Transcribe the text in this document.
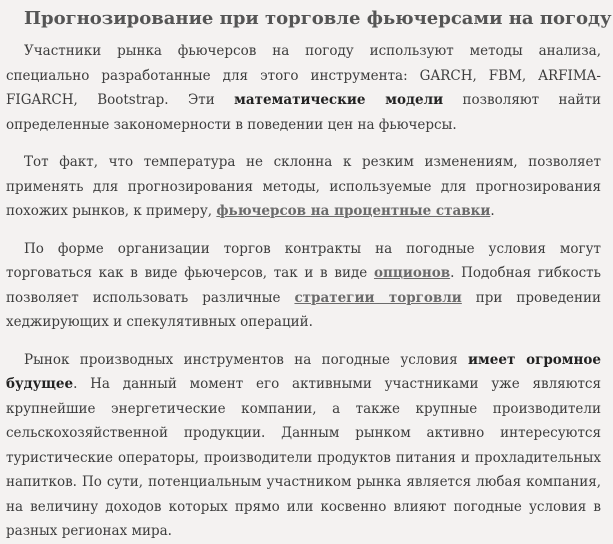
Прогнозирование при торговле фьючерсами на погоду

Участники рынка фьючерсов на погоду используют методы анализа, специально разработанные для этого инструмента: GARCH, FBM, ARFIMA-FIGARCH, Bootstrap. Эти математические модели позволяют найти определенные закономерности в поведении цен на фьючерсы.

Тот факт, что температура не склонна к резким изменениям, позволяет применять для прогнозирования методы, используемые для прогнозирования похожих рынков, к примеру, фьючерсов на процентные ставки.

По форме организации торгов контракты на погодные условия могут торговаться как в виде фьючерсов, так и в виде опционов. Подобная гибкость позволяет использовать различные стратегии торговли при проведении хеджирующих и спекулятивных операций.

Рынок производных инструментов на погодные условия имеет огромное будущее. На данный момент его активными участниками уже являются крупнейшие энергетические компании, а также крупные производители сельскохозяйственной продукции. Данным рынком активно интересуются туристические операторы, производители продуктов питания и прохладительных напитков. По сути, потенциальным участником рынка является любая компания, на величину доходов которых прямо или косвенно влияют погодные условия в разных регионах мира.
